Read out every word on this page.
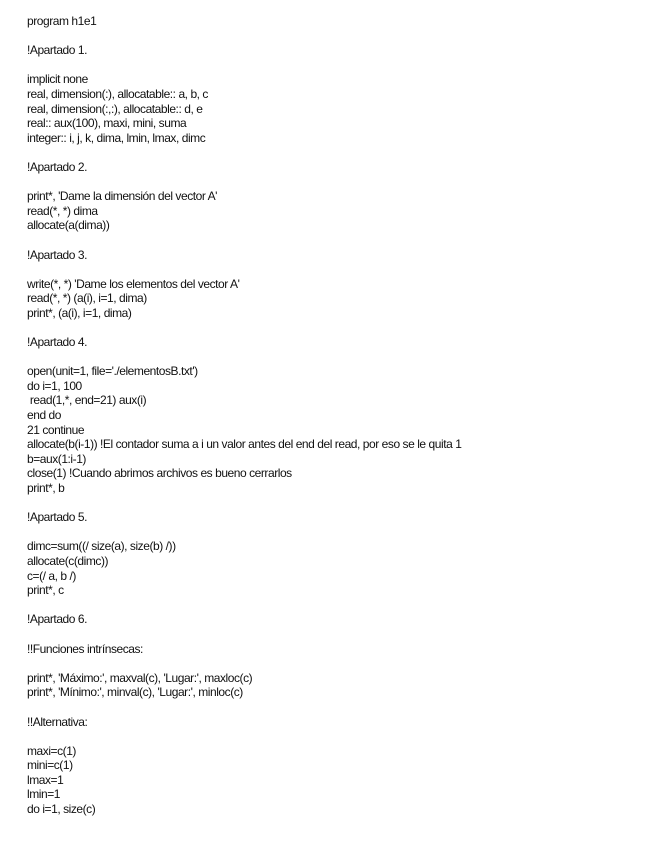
program h1e1
!Apartado 1.
implicit none
real, dimension(:), allocatable:: a, b, c
real, dimension(:,:), allocatable:: d, e
real:: aux(100), maxi, mini, suma
integer:: i, j, k, dima, lmin, lmax, dimc
!Apartado 2.
print*, 'Dame la dimensión del vector A'
read(*, *) dima
allocate(a(dima))
!Apartado 3.
write(*, *) 'Dame los elementos del vector A'
read(*, *) (a(i), i=1, dima)
print*, (a(i), i=1, dima)
!Apartado 4.
open(unit=1, file='./elementosB.txt')
do i=1, 100
read(1,*, end=21) aux(i)
end do
21 continue
allocate(b(i-1)) !El contador suma a i un valor antes del end del read, por eso se le quita 1
b=aux(1:i-1)
close(1) !Cuando abrimos archivos es bueno cerrarlos
print*, b
!Apartado 5.
dimc=sum((/ size(a), size(b) /))
allocate(c(dimc))
c=(/ a, b /)
print*, c
!Apartado 6.
!!Funciones intrínsecas:
print*, 'Máximo:', maxval(c), 'Lugar:', maxloc(c)
print*, 'Mínimo:', minval(c), 'Lugar:', minloc(c)
!!Alternativa:
maxi=c(1)
mini=c(1)
lmax=1
lmin=1
do i=1, size(c)
